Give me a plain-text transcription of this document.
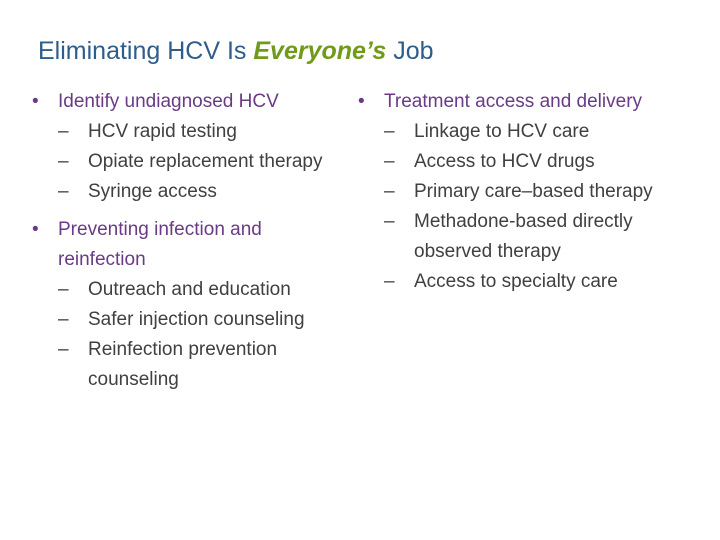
Eliminating HCV Is Everyone’s Job
•	Identify undiagnosed HCV
–	HCV rapid testing
–	Opiate replacement therapy
–	Syringe access
•	Preventing infection and reinfection
–	Outreach and education
–	Safer injection counseling
–	Reinfection prevention counseling
•	Treatment access and delivery
–	Linkage to HCV care
–	Access to HCV drugs
–	Primary care–based therapy
–	Methadone-based directly observed therapy
–	Access to specialty care
